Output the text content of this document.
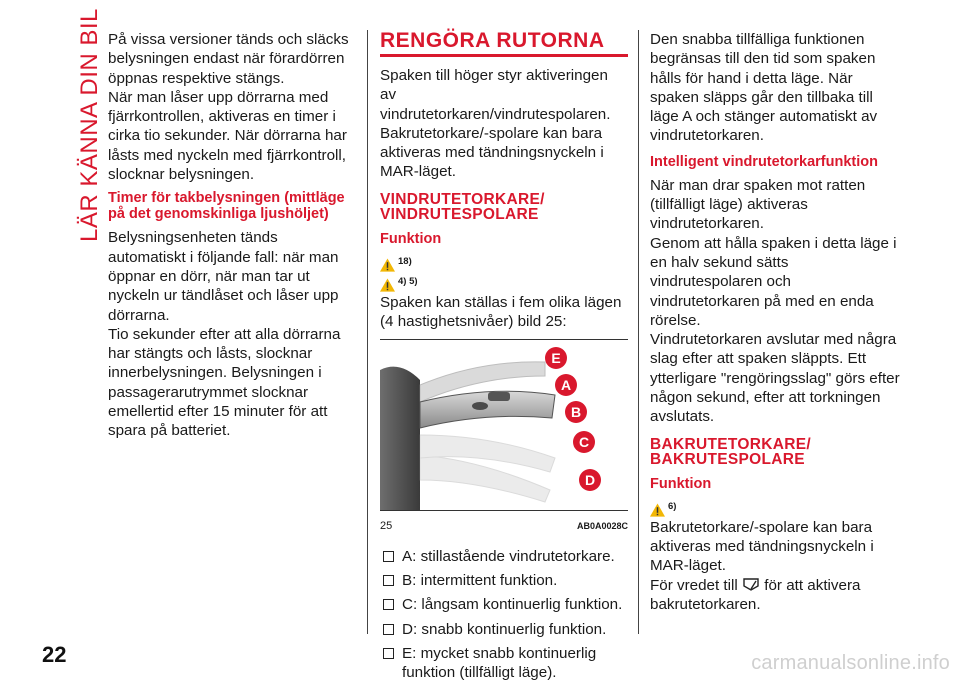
LÄR KÄNNA DIN BIL På vissa versioner tänds och släcks belysningen endast när förardörren öppnas respektive stängs.

När man låser upp dörrarna med fjärrkontrollen, aktiveras en timer i cirka tio sekunder. När dörrarna har låsts med nyckeln med fjärrkontroll, slocknar belysningen.

Timer för takbelysningen (mittläge på det genomskinliga ljushöljet)

Belysningsenheten tänds automatiskt i följande fall: när man öppnar en dörr, när man tar ut nyckeln ur tändlåset och låser upp dörrarna.

Tio sekunder efter att alla dörrarna har stängts och låsts, slocknar innerbelysningen. Belysningen i passagerarutrymmet slocknar emellertid efter 15 minuter för att spara på batteriet.

RENGÖRA RUTORNA

Spaken till höger styr aktiveringen av vindrutetorkaren/vindrutespolaren. Bakrutetorkare/-spolare kan bara aktiveras med tändningsnyckeln i MAR-läget.

VINDRUTETORKARE/ VINDRUTESPOLARE
Funktion
18)
4) 5)

Spaken kan ställas i fem olika lägen (4 hastighetsnivåer) bild 25:

E
A
B
C
D
25	AB0A0028C
A: stillastående vindrutetorkare.
B: intermittent funktion.
C: långsam kontinuerlig funktion.
D: snabb kontinuerlig funktion.
E: mycket snabb kontinuerlig funktion (tillfälligt läge).

Den snabba tillfälliga funktionen begränsas till den tid som spaken hålls för hand i detta läge. När spaken släpps går den tillbaka till läge A och stänger automatiskt av vindrutetorkaren.

Intelligent vindrutetorkarfunktion

När man drar spaken mot ratten (tillfälligt läge) aktiveras vindrutetorkaren.

Genom att hålla spaken i detta läge i en halv sekund sätts vindrutespolaren och vindrutetorkaren på med en enda rörelse.

Vindrutetorkaren avslutar med några slag efter att spaken släppts. Ett ytterligare "rengöringsslag" görs efter någon sekund, efter att torkningen avslutats.

BAKRUTETORKARE/ BAKRUTESPOLARE
Funktion
6)

Bakrutetorkare/-spolare kan bara aktiveras med tändningsnyckeln i MAR-läget.

För vredet till för att aktivera bakrutetorkaren.

22	carmanualsonline.info
